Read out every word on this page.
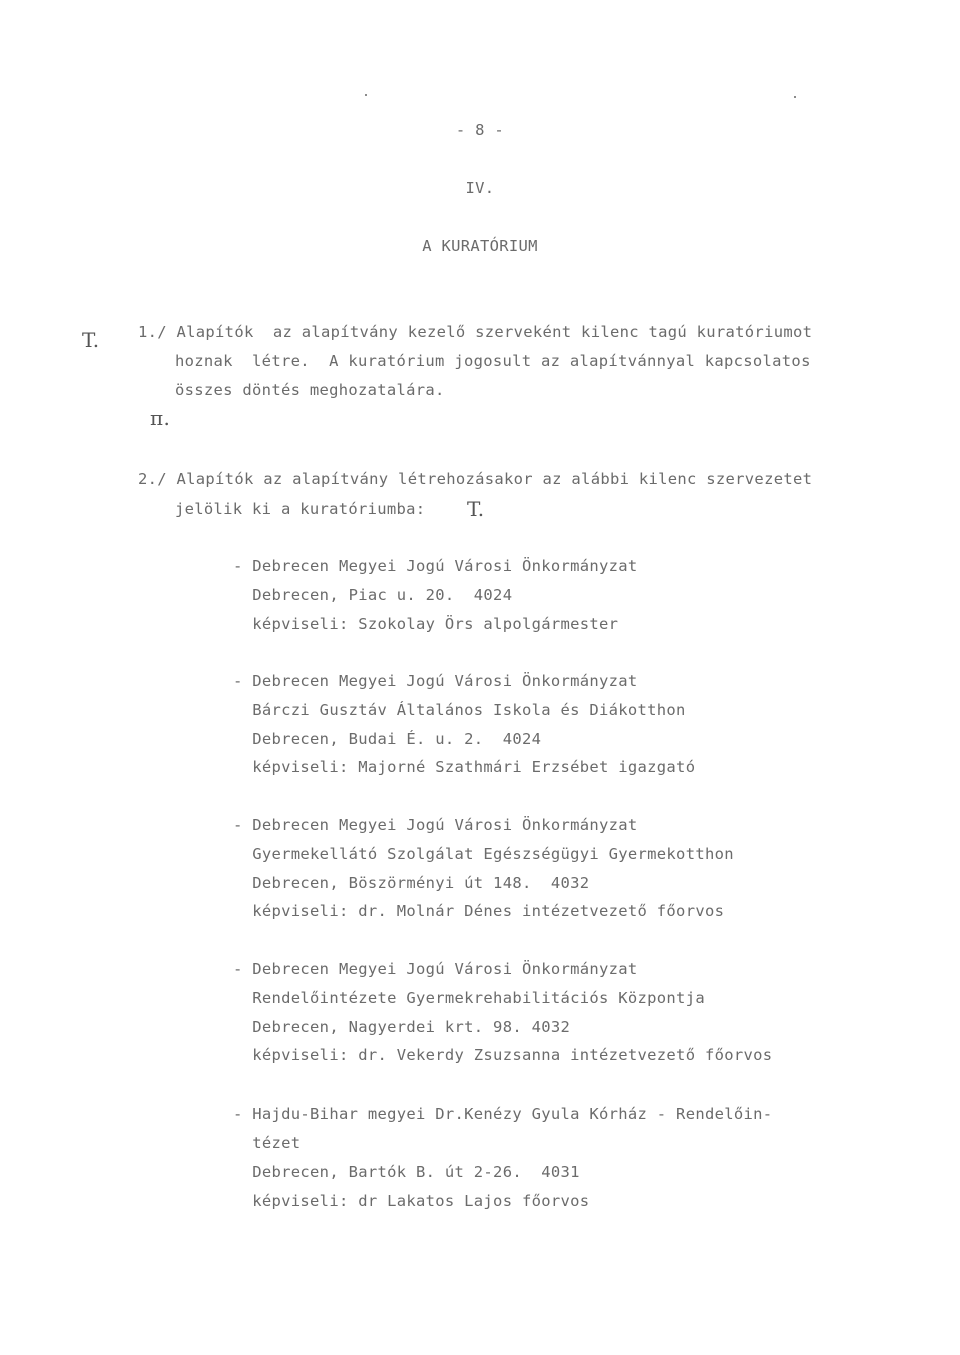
- 8 -
IV.
A KURATÓRIUM
T. 1./ Alapítók  az alapítvány kezelő szerveként kilenc tagú kuratóriumot
hoznak  létre.  A kuratórium jogosult az alapítvánnyal kapcsolatos
összes döntés meghozatalára.
π.
2./ Alapítók az alapítvány létrehozásakor az alábbi kilenc szervezetet
jelölik ki a kuratóriumba: T.
- Debrecen Megyei Jogú Városi Önkormányzat
Debrecen, Piac u. 20.  4024
képviseli: Szokolay Örs alpolgármester
- Debrecen Megyei Jogú Városi Önkormányzat
Bárczi Gusztáv Általános Iskola és Diákotthon
Debrecen, Budai É. u. 2.  4024
képviseli: Majorné Szathmári Erzsébet igazgató
- Debrecen Megyei Jogú Városi Önkormányzat
Gyermekellátó Szolgálat Egészségügyi Gyermekotthon
Debrecen, Böszörményi út 148.  4032
képviseli: dr. Molnár Dénes intézetvezető főorvos
- Debrecen Megyei Jogú Városi Önkormányzat
Rendelőintézete Gyermekrehabilitációs Központja
Debrecen, Nagyerdei krt. 98. 4032
képviseli: dr. Vekerdy Zsuzsanna intézetvezető főorvos
- Hajdu-Bihar megyei Dr.Kenézy Gyula Kórház - Rendelőin-
tézet
Debrecen, Bartók B. út 2-26.  4031
képviseli: dr Lakatos Lajos főorvos
